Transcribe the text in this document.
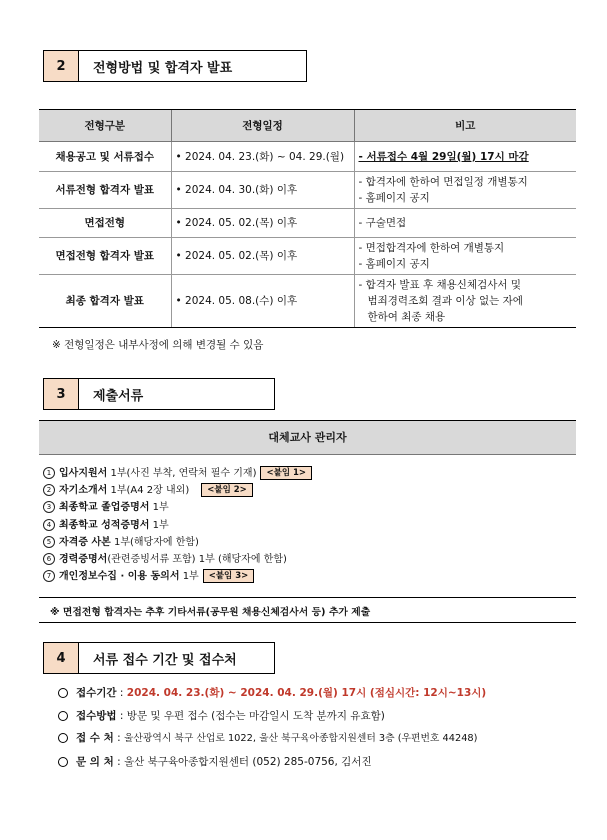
2	전형방법 및 합격자 발표
전형구분	전형일정	비고
채용공고 및 서류접수	• 2024. 04. 23.(화) ~ 04. 29.(월)	- 서류접수 4월 29일(월) 17시 마감

서류전형 합격자 발표	• 2024. 04. 30.(화) 이후	- 합격자에 한하여 면접일정 개별통지

- 홈페이지 공지

면접전형	• 2024. 05. 02.(목) 이후	- 구술면접

면접전형 합격자 발표	• 2024. 05. 02.(목) 이후	- 면접합격자에 한하여 개별통지

- 홈페이지 공지

최종 합격자 발표	• 2024. 05. 08.(수) 이후	- 합격자 발표 후 채용신체검사서 및

범죄경력조회 결과 이상 없는 자에

한하여 최종 채용

※ 전형일정은 내부사정에 의해 변경될 수 있음
3	제출서류
대체교사 관리자
1 입사지원서 1부(사진 부착, 연락처 필수 기재) <붙임 1>
2 자기소개서 1부(A4 2장 내외) <붙임 2>
3 최종학교 졸업증명서 1부
4 최종학교 성적증명서 1부
5 자격증 사본 1부(해당자에 한함)
6 경력증명서(관련증빙서류 포함) 1부 (해당자에 한함)
7 개인정보수집 · 이용 동의서 1부 <붙임 3>
※ 면접전형 합격자는 추후 기타서류(공무원 채용신체검사서 등) 추가 제출
4	서류 접수 기간 및 접수처
접수기간 : 2024. 04. 23.(화) ~ 2024. 04. 29.(월) 17시 (점심시간: 12시~13시)
접수방법 : 방문 및 우편 접수 (접수는 마감일시 도착 분까지 유효함)
접 수 처 : 울산광역시 북구 산업로 1022, 울산 북구육아종합지원센터 3층 (우편번호 44248)
문 의 처 : 울산 북구육아종합지원센터 (052) 285-0756, 김서진
